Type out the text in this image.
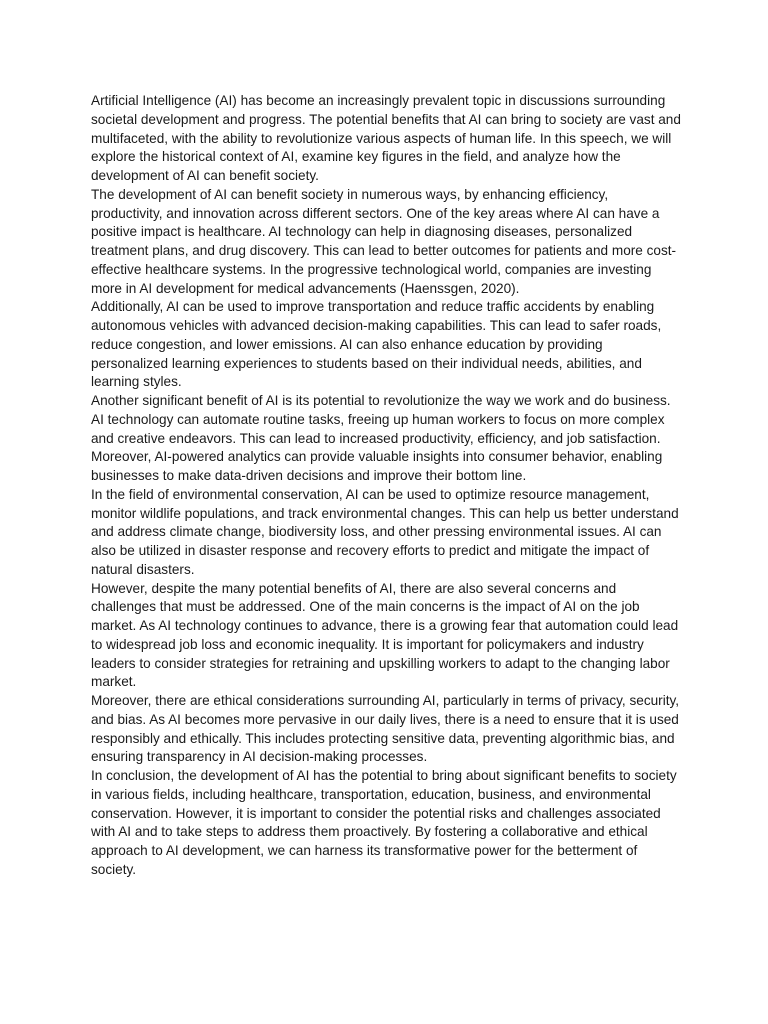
Artificial Intelligence (AI) has become an increasingly prevalent topic in discussions surrounding societal development and progress. The potential benefits that AI can bring to society are vast and multifaceted, with the ability to revolutionize various aspects of human life. In this speech, we will explore the historical context of AI, examine key figures in the field, and analyze how the development of AI can benefit society.

The development of AI can benefit society in numerous ways, by enhancing efficiency, productivity, and innovation across different sectors. One of the key areas where AI can have a positive impact is healthcare. AI technology can help in diagnosing diseases, personalized treatment plans, and drug discovery. This can lead to better outcomes for patients and more cost-effective healthcare systems. In the progressive technological world, companies are investing more in AI development for medical advancements (Haenssgen, 2020).

Additionally, AI can be used to improve transportation and reduce traffic accidents by enabling autonomous vehicles with advanced decision-making capabilities. This can lead to safer roads, reduce congestion, and lower emissions. AI can also enhance education by providing personalized learning experiences to students based on their individual needs, abilities, and learning styles.

Another significant benefit of AI is its potential to revolutionize the way we work and do business. AI technology can automate routine tasks, freeing up human workers to focus on more complex and creative endeavors. This can lead to increased productivity, efficiency, and job satisfaction. Moreover, AI-powered analytics can provide valuable insights into consumer behavior, enabling businesses to make data-driven decisions and improve their bottom line.

In the field of environmental conservation, AI can be used to optimize resource management, monitor wildlife populations, and track environmental changes. This can help us better understand and address climate change, biodiversity loss, and other pressing environmental issues. AI can also be utilized in disaster response and recovery efforts to predict and mitigate the impact of natural disasters.

However, despite the many potential benefits of AI, there are also several concerns and challenges that must be addressed. One of the main concerns is the impact of AI on the job market. As AI technology continues to advance, there is a growing fear that automation could lead to widespread job loss and economic inequality. It is important for policymakers and industry leaders to consider strategies for retraining and upskilling workers to adapt to the changing labor market.

Moreover, there are ethical considerations surrounding AI, particularly in terms of privacy, security, and bias. As AI becomes more pervasive in our daily lives, there is a need to ensure that it is used responsibly and ethically. This includes protecting sensitive data, preventing algorithmic bias, and ensuring transparency in AI decision-making processes.

In conclusion, the development of AI has the potential to bring about significant benefits to society in various fields, including healthcare, transportation, education, business, and environmental conservation. However, it is important to consider the potential risks and challenges associated with AI and to take steps to address them proactively. By fostering a collaborative and ethical approach to AI development, we can harness its transformative power for the betterment of society.
